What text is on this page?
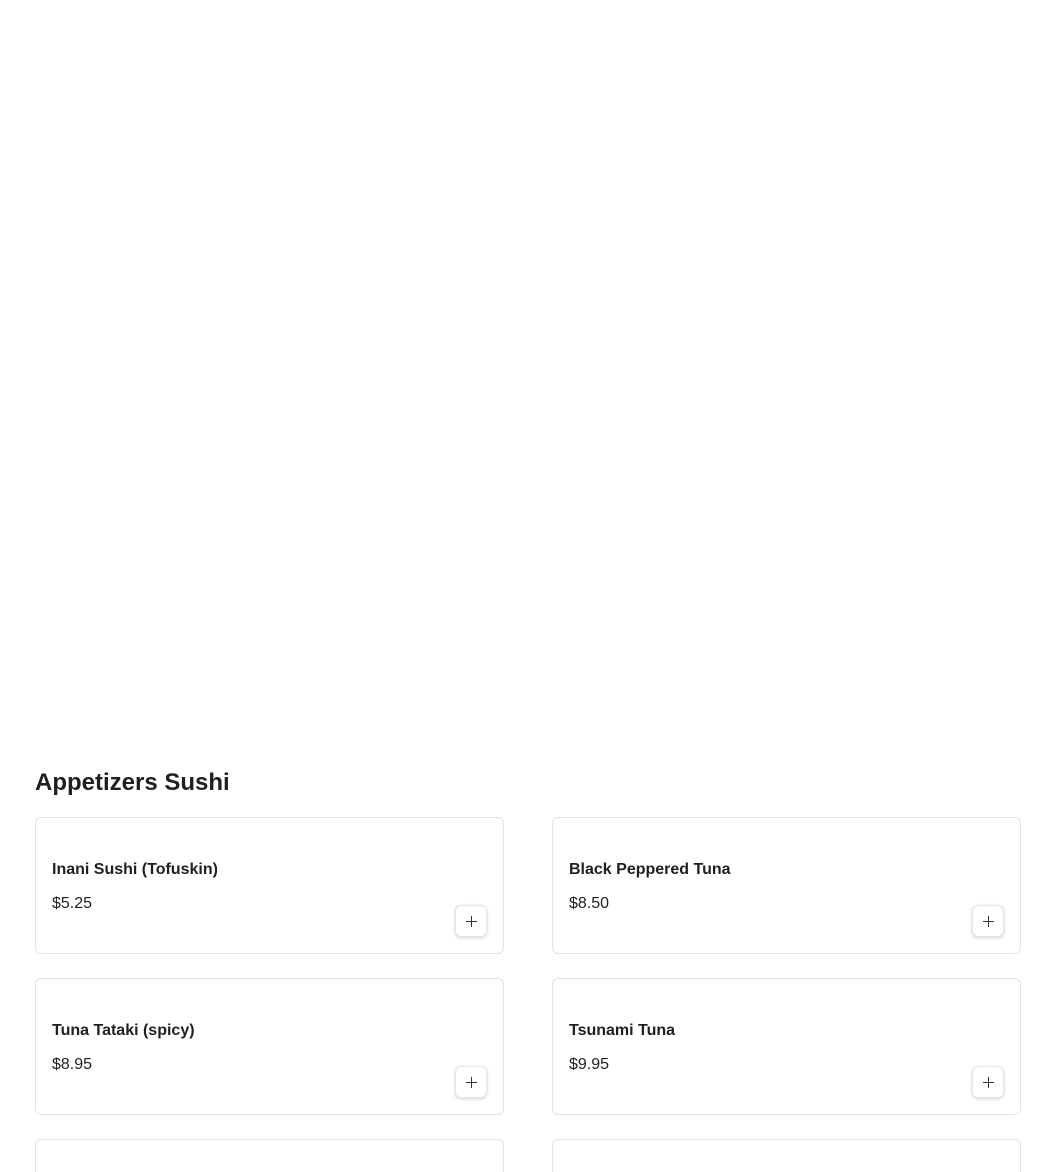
Appetizers Sushi
Inani Sushi (Tofuskin)
$5.25
Black Peppered Tuna
$8.50
Tuna Tataki (spicy)
$8.95
Tsunami Tuna
$9.95
